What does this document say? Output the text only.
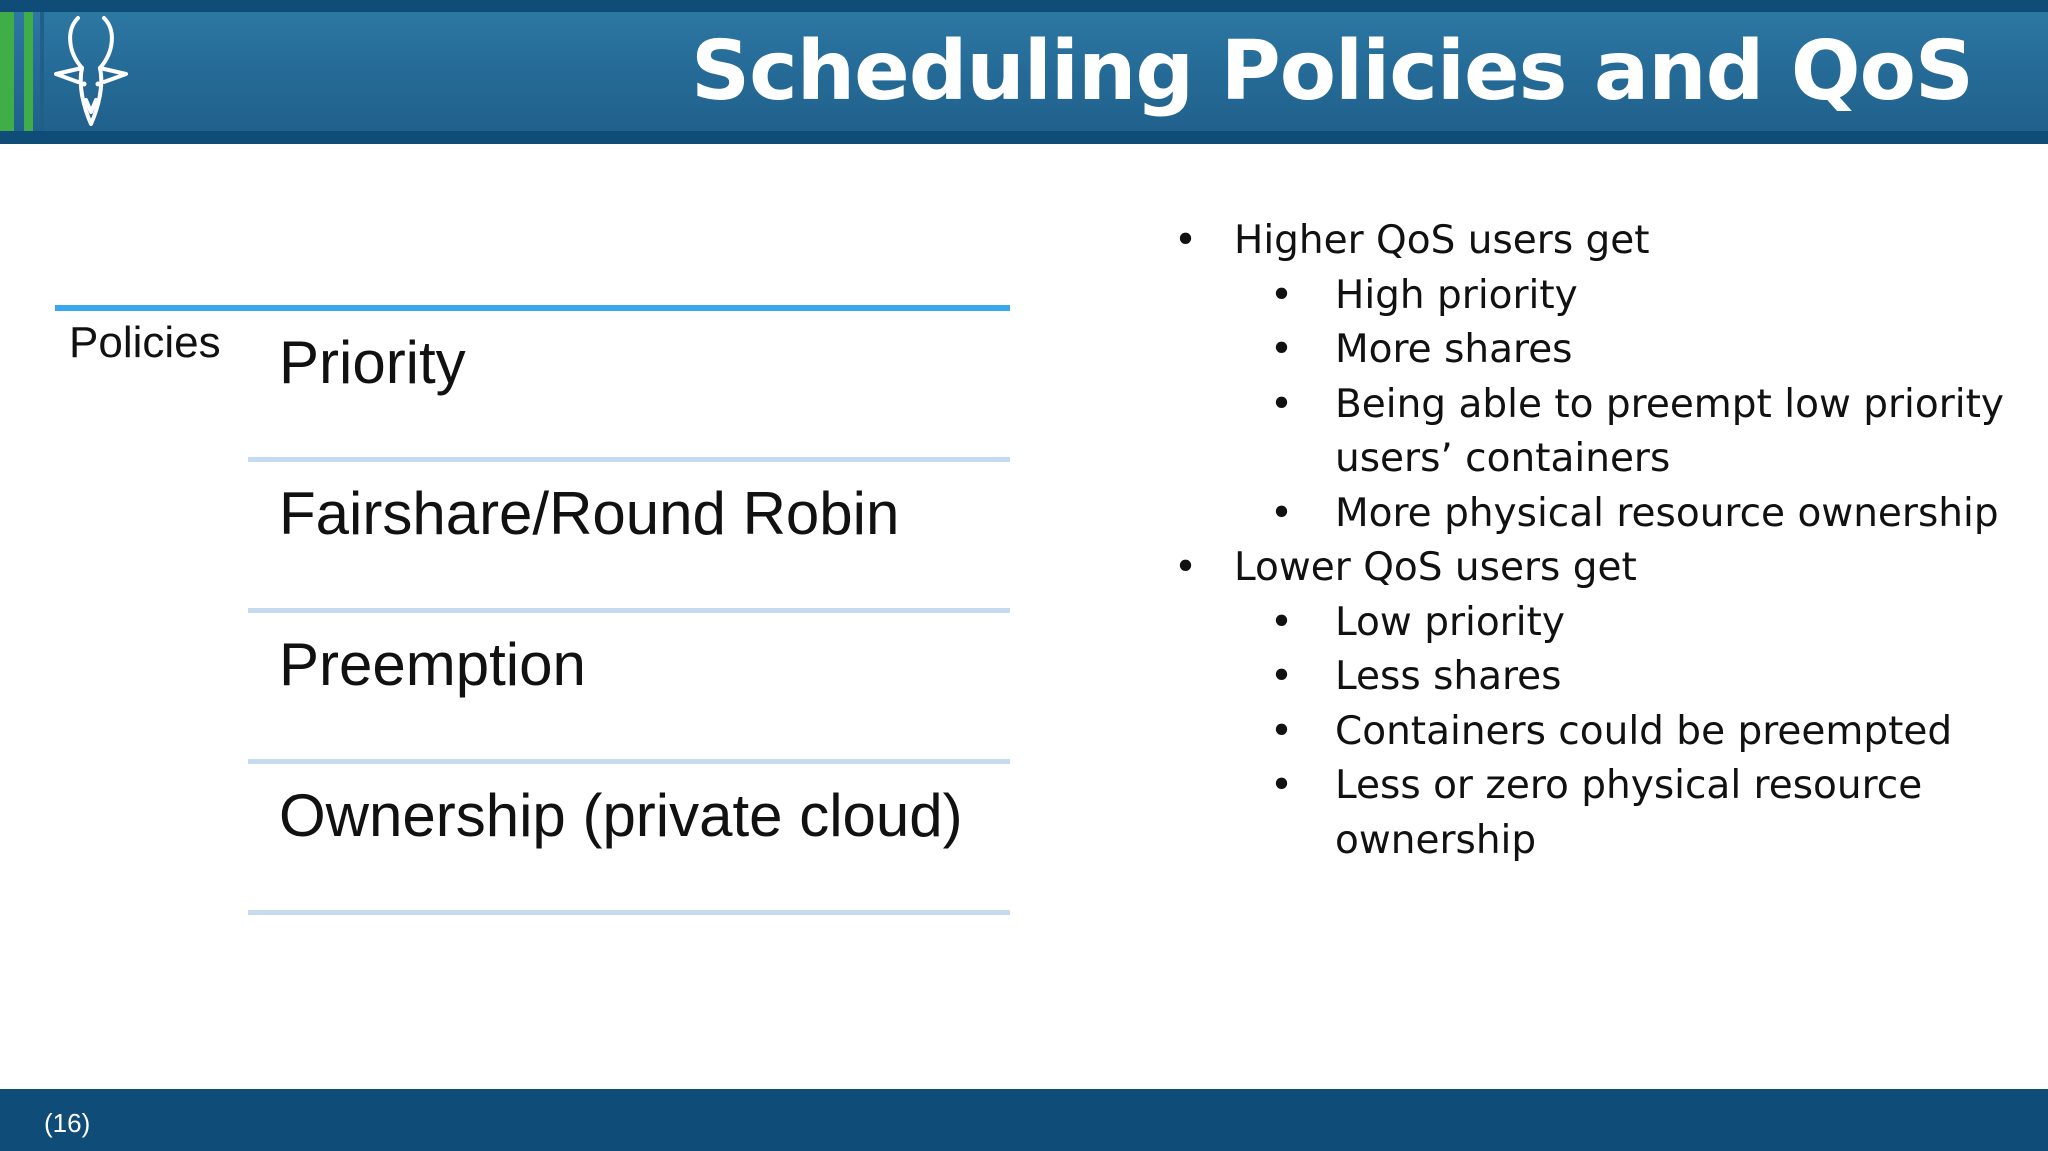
Scheduling Policies and QoS
Policies Priority
Fairshare/Round Robin
Preemption
Ownership (private cloud)
• Higher QoS users get
• High priority
• More shares
• Being able to preempt low priority users’ containers
• More physical resource ownership
• Lower QoS users get
• Low priority
• Less shares
• Containers could be preempted
• Less or zero physical resource ownership
(16)
